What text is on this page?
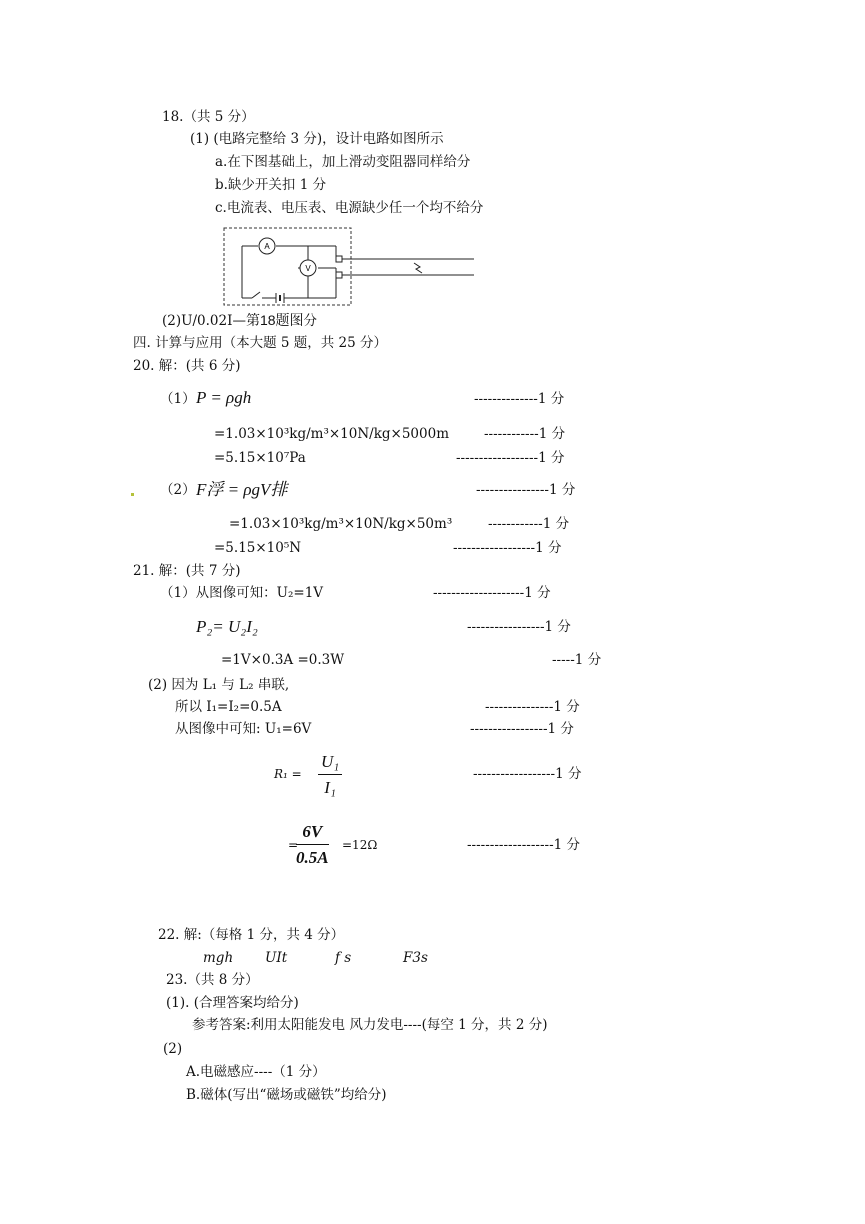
18.（共 5 分）
(1) (电路完整给 3 分)，设计电路如图所示
a.在下图基础上，加上滑动变阻器同样给分
b.缺少开关扣 1 分
c.电流表、电压表、电源缺少任一个均不给分
A
V
(2)U/0.02I—第18题图分
四. 计算与应用（本大题 5 题，共 25 分）
20. 解：(共 6 分)
（1） P = ρgh	--------------1 分
=1.03×10³kg/m³×10N/kg×5000m	------------1 分
=5.15×10⁷Pa	------------------1 分
（2） F浮 = ρgV排	----------------1 分
=1.03×10³kg/m³×10N/kg×50m³	------------1 分
=5.15×10⁵N	------------------1 分
21. 解：(共 7 分)
（1）从图像可知：U₂=1V	--------------------1 分
P₂= U₂I₂	-----------------1 分
=1V×0.3A =0.3W	-----1 分
(2) 因为 L₁ 与 L₂ 串联,
所以 I₁=I₂=0.5A	---------------1 分
从图像中可知: U₁=6V	-----------------1 分
$R_1 = \frac{\text{U₁}}{\text{I₁}}$	------------------1 分
=
$\frac{6V}{0.5A} =12\Omega$	-------------------1 分
22. 解:（每格 1 分，共 4 分）
mgh UIt	f s	F3s
23.（共 8 分）
(1). (合理答案均给分)
参考答案:利用太阳能发电 风力发电----(每空 1 分，共 2 分)
(2)
A.电磁感应----（1 分）
B.磁体(写出“磁场或磁铁”均给分)
